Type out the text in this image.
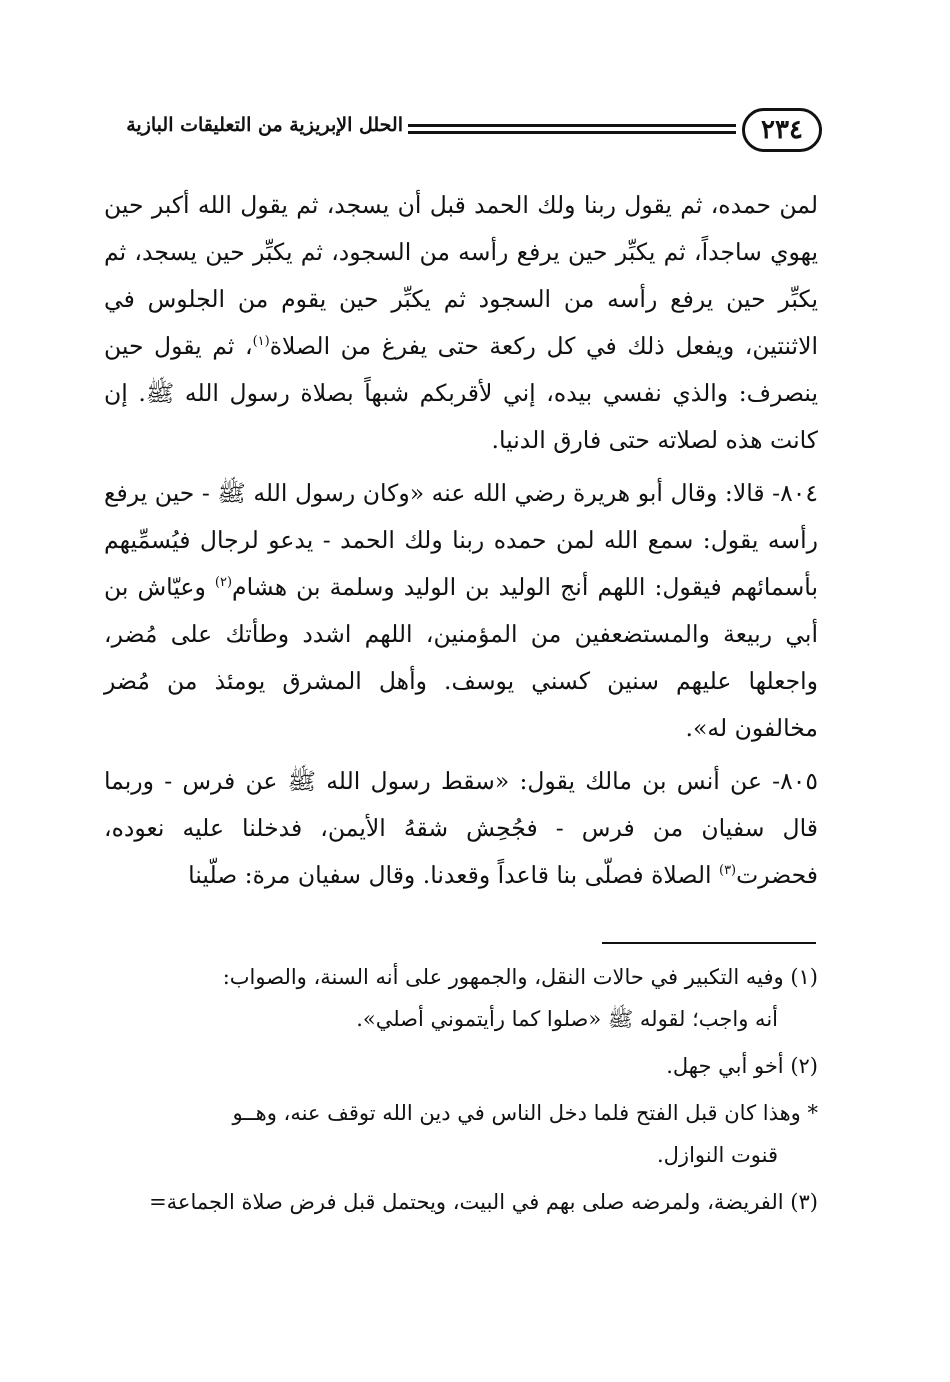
٢٣٤
الحلل الإبريزية من التعليقات البازية

لمن حمده، ثم يقول ربنا ولك الحمد قبل أن يسجد، ثم يقول الله أكبر حين يهوي ساجداً، ثم يكبِّر حين يرفع رأسه من السجود، ثم يكبِّر حين يسجد، ثم يكبِّر حين يرفع رأسه من السجود ثم يكبِّر حين يقوم من الجلوس في الاثنتين، ويفعل ذلك في كل ركعة حتى يفرغ من الصلاة$^{(١)}$، ثم يقول حين ينصرف: والذي نفسي بيده، إني لأقربكم شبهاً بصلاة رسول الله ﷺ. إن كانت هذه لصلاته حتى فارق الدنيا.

٨٠٤- قالا: وقال أبو هريرة رضي الله عنه «وكان رسول الله ﷺ - حين يرفع رأسه يقول: سمع الله لمن حمده ربنا ولك الحمد - يدعو لرجال فيُسمِّيهم بأسمائهم فيقول: اللهم أنج الوليد بن الوليد وسلمة بن هشام$^{(٢)}$ وعيّاش بن أبي ربيعة والمستضعفين من المؤمنين، اللهم اشدد وطأتك على مُضر، واجعلها عليهم سنين كسني يوسف. وأهل المشرق يومئذ من مُضر مخالفون له».

٨٠٥- عن أنس بن مالك يقول: «سقط رسول الله ﷺ عن فرس - وربما قال سفيان من فرس - فجُحِش شقهُ الأيمن، فدخلنا عليه نعوده، فحضرت$^{(٣)}$ الصلاة فصلّى بنا قاعداً وقعدنا. وقال سفيان مرة: صلّينا

(١) وفيه التكبير في حالات النقل، والجمهور على أنه السنة، والصواب:

أنه واجب؛ لقوله ﷺ «صلوا كما رأيتموني أصلي».

(٢) أخو أبي جهل.

* وهذا كان قبل الفتح فلما دخل الناس في دين الله توقف عنه، وهــو

قنوت النوازل.

(٣) الفريضة، ولمرضه صلى بهم في البيت، ويحتمل قبل فرض صلاة الجماعة=
